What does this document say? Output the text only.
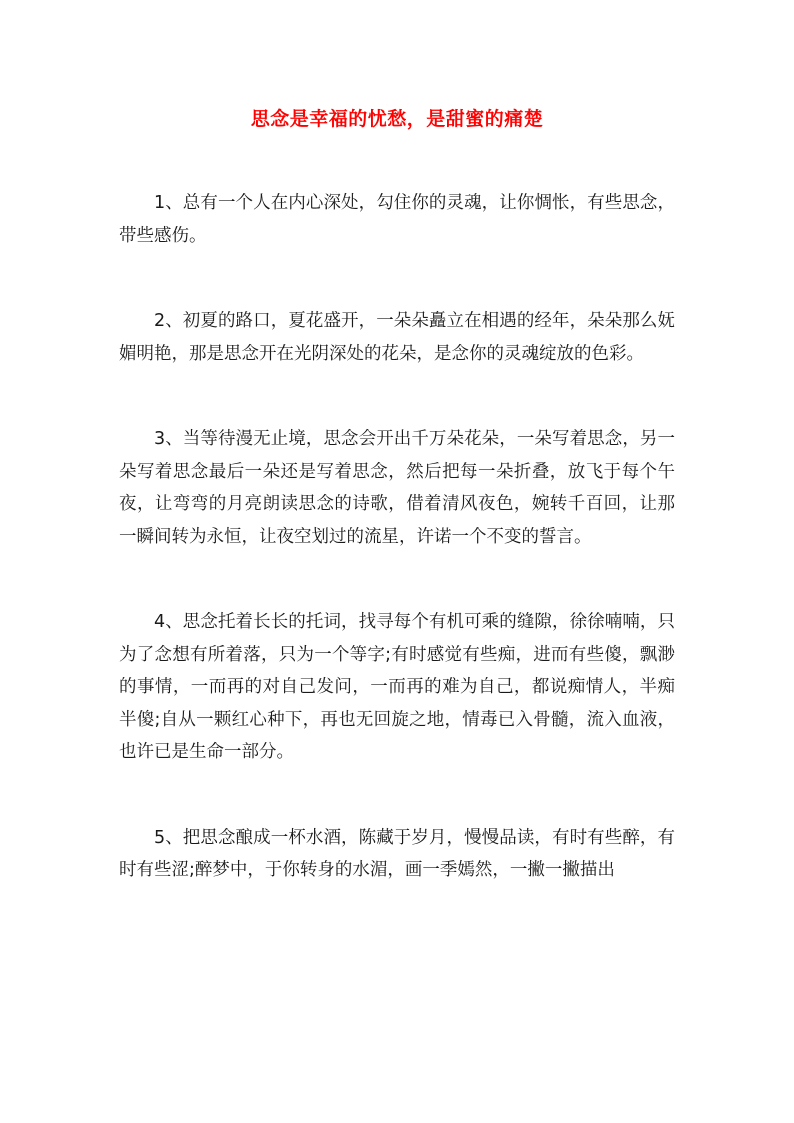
思念是幸福的忧愁，是甜蜜的痛楚

1、总有一个人在内心深处，勾住你的灵魂，让你惆怅，有些思念，带些感伤。

2、初夏的路口，夏花盛开，一朵朵矗立在相遇的经年，朵朵那么妩媚明艳，那是思念开在光阴深处的花朵，是念你的灵魂绽放的色彩。

3、当等待漫无止境，思念会开出千万朵花朵，一朵写着思念，另一朵写着思念最后一朵还是写着思念，然后把每一朵折叠，放飞于每个午夜，让弯弯的月亮朗读思念的诗歌，借着清风夜色，婉转千百回，让那一瞬间转为永恒，让夜空划过的流星，许诺一个不变的誓言。

4、思念托着长长的托词，找寻每个有机可乘的缝隙，徐徐喃喃，只为了念想有所着落，只为一个等字;有时感觉有些痴，进而有些傻，飘渺的事情，一而再的对自己发问，一而再的难为自己，都说痴情人，半痴半傻;自从一颗红心种下，再也无回旋之地，情毒已入骨髓，流入血液，也许已是生命一部分。

5、把思念酿成一杯水酒，陈藏于岁月，慢慢品读，有时有些醉，有时有些涩;醉梦中，于你转身的水湄，画一季嫣然，一撇一撇描出
